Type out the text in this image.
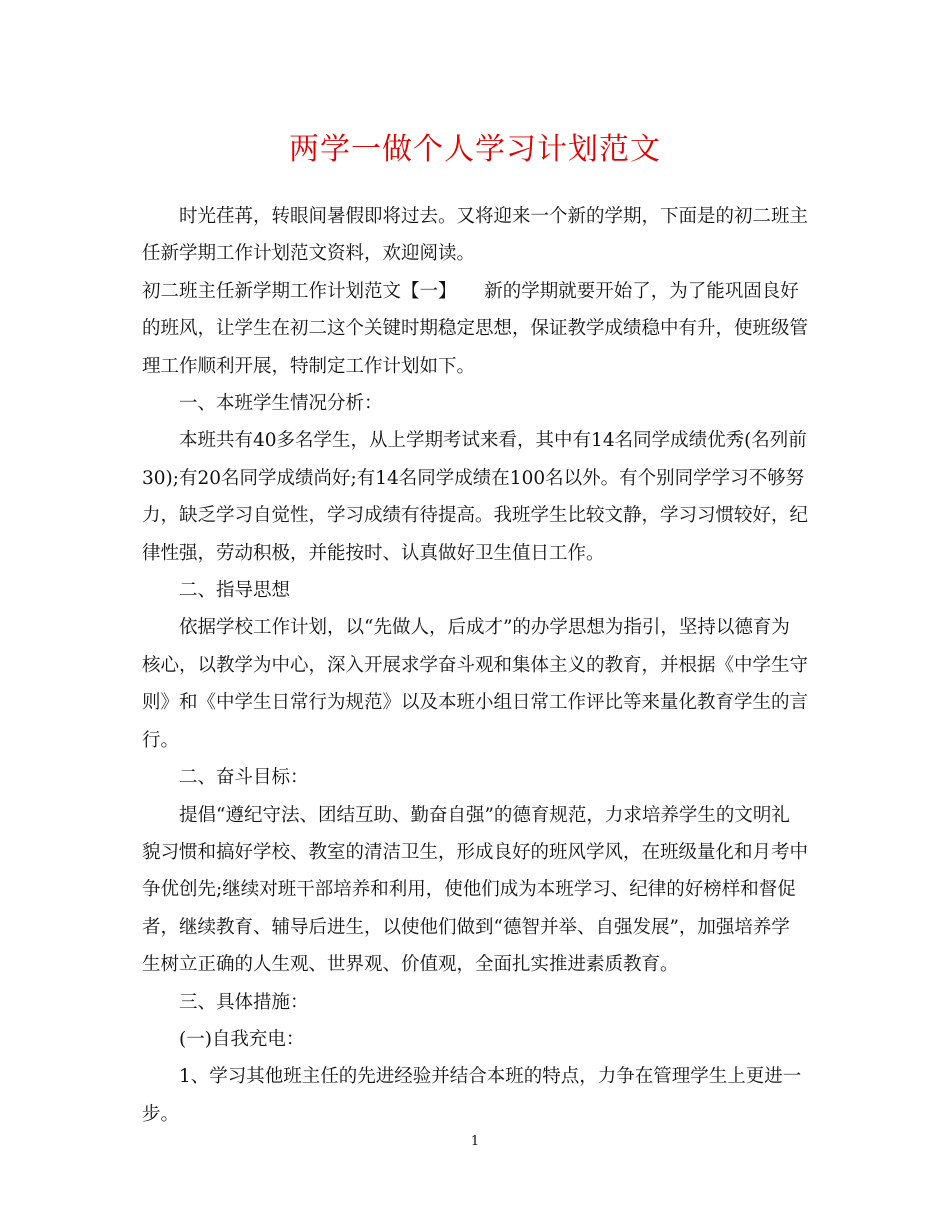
两学一做个人学习计划范文

时光荏苒，转眼间暑假即将过去。又将迎来一个新的学期，下面是的初二班主任新学期工作计划范文资料，欢迎阅读。

初二班主任新学期工作计划范文【一】　　新的学期就要开始了，为了能巩固良好的班风，让学生在初二这个关键时期稳定思想，保证教学成绩稳中有升，使班级管理工作顺利开展，特制定工作计划如下。

一、本班学生情况分析：

本班共有40多名学生，从上学期考试来看，其中有14名同学成绩优秀(名列前30);有20名同学成绩尚好;有14名同学成绩在100名以外。有个别同学学习不够努力，缺乏学习自觉性，学习成绩有待提高。我班学生比较文静，学习习惯较好，纪律性强，劳动积极，并能按时、认真做好卫生值日工作。

二、指导思想

依据学校工作计划，以“先做人，后成才”的办学思想为指引，坚持以德育为核心，以教学为中心，深入开展求学奋斗观和集体主义的教育，并根据《中学生守则》和《中学生日常行为规范》以及本班小组日常工作评比等来量化教育学生的言行。

二、奋斗目标：

提倡“遵纪守法、团结互助、勤奋自强”的德育规范，力求培养学生的文明礼貌习惯和搞好学校、教室的清洁卫生，形成良好的班风学风，在班级量化和月考中争优创先;继续对班干部培养和利用，使他们成为本班学习、纪律的好榜样和督促者，继续教育、辅导后进生，以使他们做到“德智并举、自强发展”，加强培养学生树立正确的人生观、世界观、价值观，全面扎实推进素质教育。

三、具体措施：

(一)自我充电：

1、学习其他班主任的先进经验并结合本班的特点，力争在管理学生上更进一步。

1
